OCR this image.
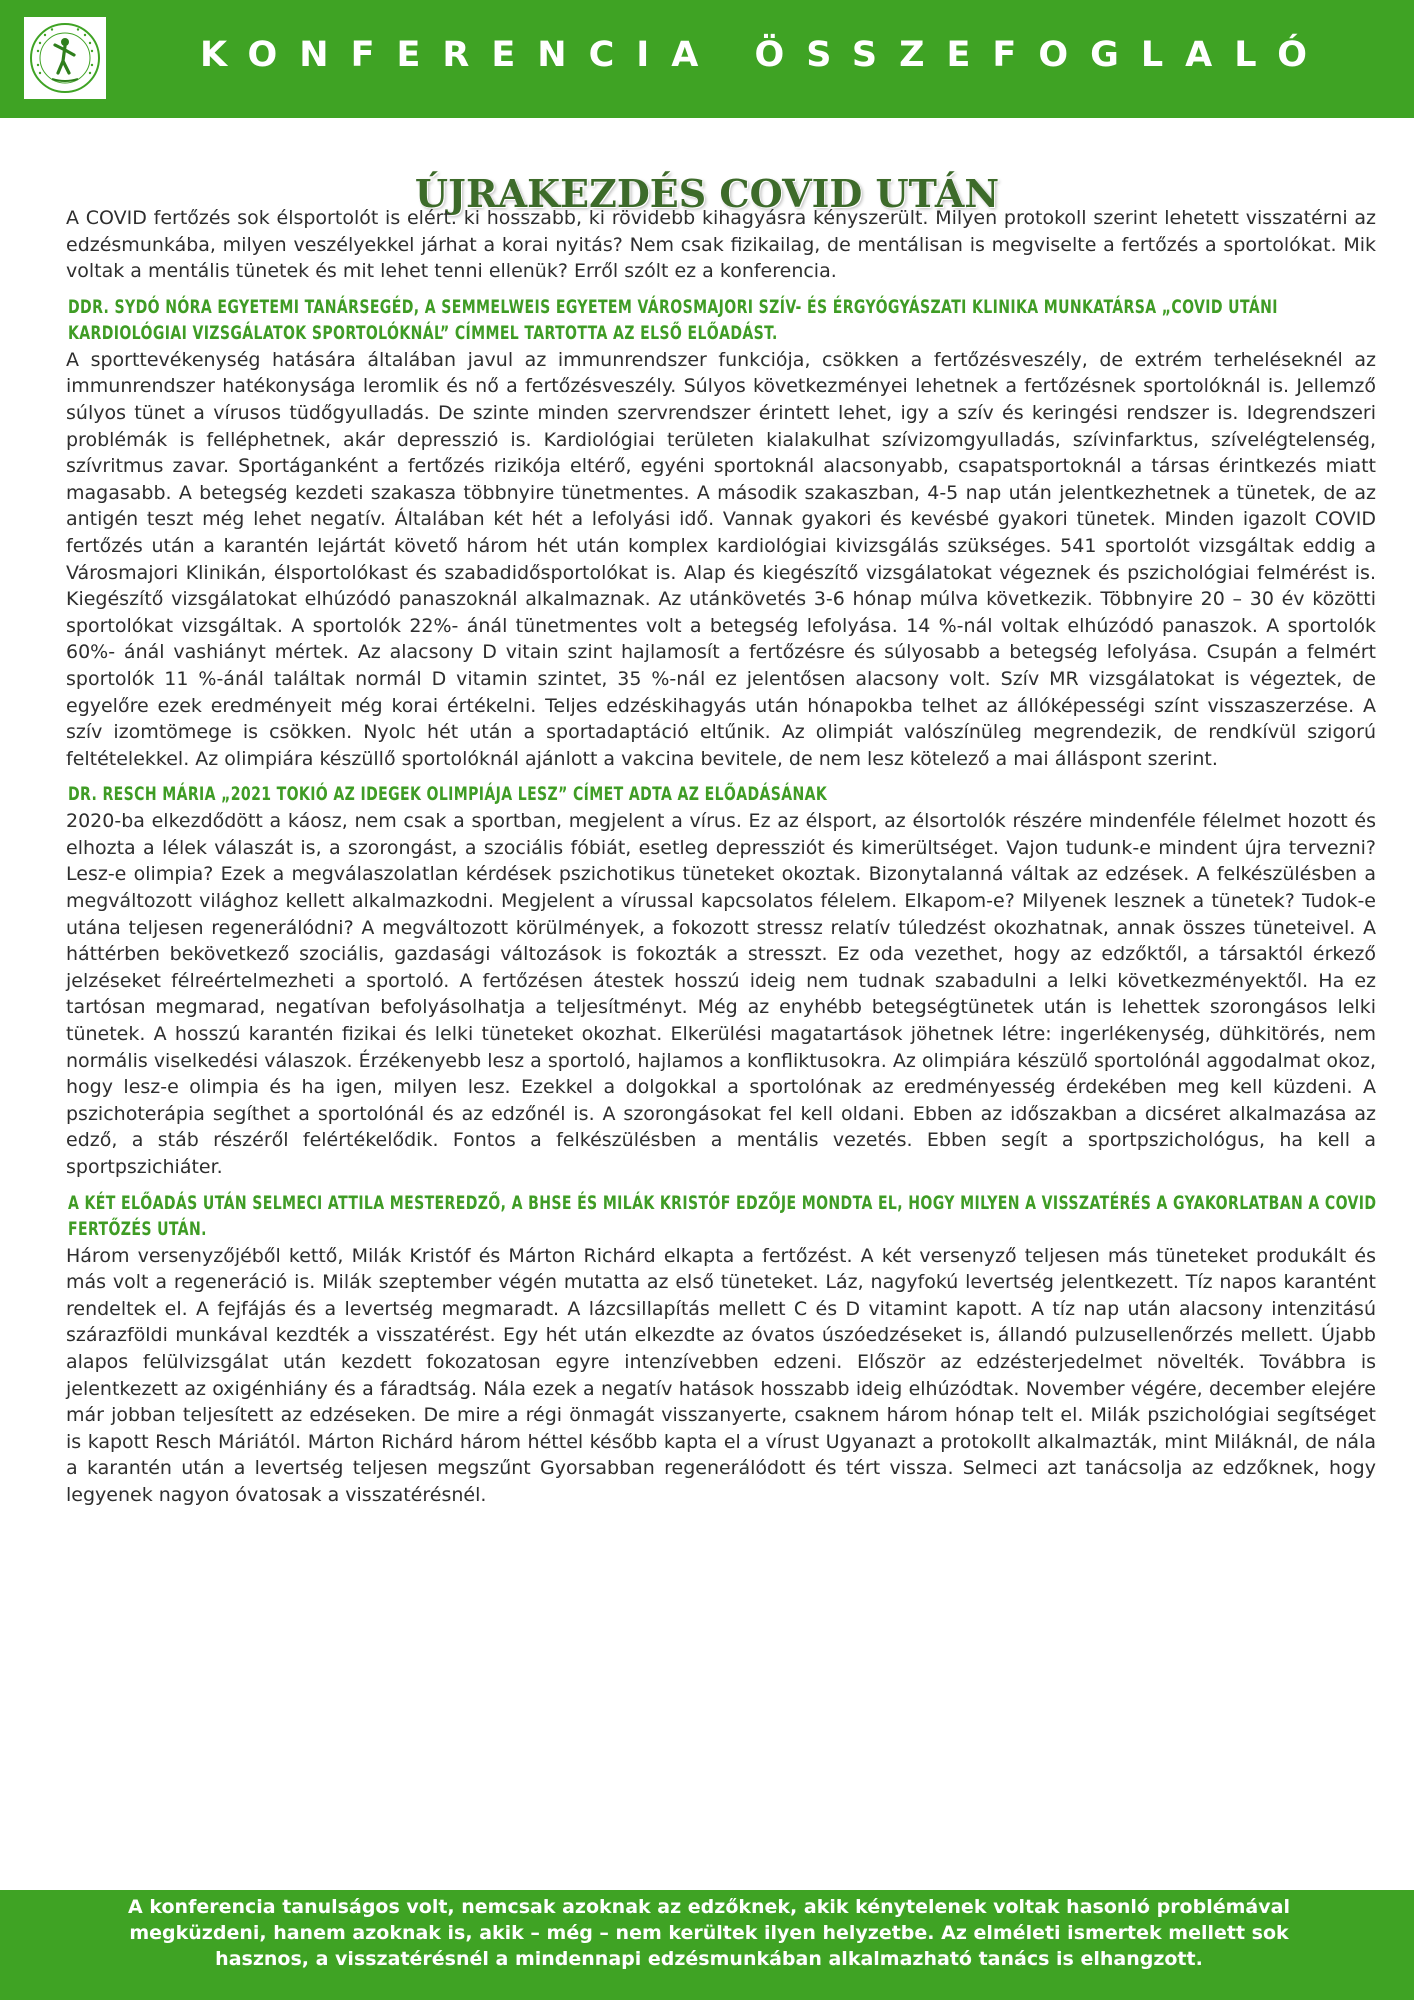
KONFERENCIA ÖSSZEFOGLALÓ
ÚJRAKEZDÉS COVID UTÁN

A COVID fertőzés sok élsportolót is elért. ki hosszabb, ki rövidebb kihagyásra kényszerült. Milyen protokoll szerint lehetett visszatérni az edzésmunkába, milyen veszélyekkel járhat a korai nyitás? Nem csak fizikailag, de mentálisan is megviselte a fertőzés a sportolókat. Mik voltak a mentális tünetek és mit lehet tenni ellenük? Erről szólt ez a konferencia.

DDR. SYDÓ NÓRA EGYETEMI TANÁRSEGÉD, A SEMMELWEIS EGYETEM VÁROSMAJORI SZÍV- ÉS ÉRGYÓGYÁSZATI KLINIKA MUNKATÁRSA „COVID UTÁNI KARDIOLÓGIAI VIZSGÁLATOK SPORTOLÓKNÁL” CÍMMEL TARTOTTA AZ ELSŐ ELŐADÁST.

A sporttevékenység hatására általában javul az immunrendszer funkciója, csökken a fertőzésveszély, de extrém terheléseknél az immunrendszer hatékonysága leromlik és nő a fertőzésveszély. Súlyos következményei lehetnek a fertőzésnek sportolóknál is. Jellemző súlyos tünet a vírusos tüdőgyulladás. De szinte minden szervrendszer érintett lehet, igy a szív és keringési rendszer is. Idegrendszeri problémák is felléphetnek, akár depresszió is. Kardiológiai területen kialakulhat szívizomgyulladás, szívinfarktus, szívelégtelenség, szívritmus zavar. Sportáganként a fertőzés rizikója eltérő, egyéni sportoknál alacsonyabb, csapatsportoknál a társas érintkezés miatt magasabb. A betegség kezdeti szakasza többnyire tünetmentes. A második szakaszban, 4-5 nap után jelentkezhetnek a tünetek, de az antigén teszt még lehet negatív. Általában két hét a lefolyási idő. Vannak gyakori és kevésbé gyakori tünetek. Minden igazolt COVID fertőzés után a karantén lejártát követő három hét után komplex kardiológiai kivizsgálás szükséges. 541 sportolót vizsgáltak eddig a Városmajori Klinikán, élsportolókast és szabadidősportolókat is. Alap és kiegészítő vizsgálatokat végeznek és pszichológiai felmérést is. Kiegészítő vizsgálatokat elhúzódó panaszoknál alkalmaznak. Az utánkövetés 3-6 hónap múlva következik. Többnyire 20 – 30 év közötti sportolókat vizsgáltak. A sportolók 22%- ánál tünetmentes volt a betegség lefolyása. 14 %-nál voltak elhúzódó panaszok. A sportolók 60%- ánál vashiányt mértek. Az alacsony D vitain szint hajlamosít a fertőzésre és súlyosabb a betegség lefolyása. Csupán a felmért sportolók 11 %-ánál találtak normál D vitamin szintet, 35 %-nál ez jelentősen alacsony volt. Szív MR vizsgálatokat is végeztek, de egyelőre ezek eredményeit még korai értékelni. Teljes edzéskihagyás után hónapokba telhet az állóképességi színt visszaszerzése. A szív izomtömege is csökken. Nyolc hét után a sportadaptáció eltűnik. Az olimpiát valószínüleg megrendezik, de rendkívül szigorú feltételekkel. Az olimpiára készüllő sportolóknál ajánlott a vakcina bevitele, de nem lesz kötelező a mai álláspont szerint.

DR. RESCH MÁRIA „2021 TOKIÓ AZ IDEGEK OLIMPIÁJA LESZ” CÍMET ADTA AZ ELŐADÁSÁNAK

2020-ba elkezdődött a káosz, nem csak a sportban, megjelent a vírus. Ez az élsport, az élsortolók részére mindenféle félelmet hozott és elhozta a lélek válaszát is, a szorongást, a szociális fóbiát, esetleg depressziót és kimerültséget. Vajon tudunk-e mindent újra tervezni? Lesz-e olimpia? Ezek a megválaszolatlan kérdések pszichotikus tüneteket okoztak. Bizonytalanná váltak az edzések. A felkészülésben a megváltozott világhoz kellett alkalmazkodni. Megjelent a vírussal kapcsolatos félelem. Elkapom-e? Milyenek lesznek a tünetek? Tudok-e utána teljesen regenerálódni? A megváltozott körülmények, a fokozott stressz relatív túledzést okozhatnak, annak összes tüneteivel. A háttérben bekövetkező szociális, gazdasági változások is fokozták a stresszt. Ez oda vezethet, hogy az edzőktől, a társaktól érkező jelzéseket félreértelmezheti a sportoló. A fertőzésen átestek hosszú ideig nem tudnak szabadulni a lelki következményektől. Ha ez tartósan megmarad, negatívan befolyásolhatja a teljesítményt. Még az enyhébb betegségtünetek után is lehettek szorongásos lelki tünetek. A hosszú karantén fizikai és lelki tüneteket okozhat. Elkerülési magatartások jöhetnek létre: ingerlékenység, dühkitörés, nem normális viselkedési válaszok. Érzékenyebb lesz a sportoló, hajlamos a konfliktusokra. Az olimpiára készülő sportolónál aggodalmat okoz, hogy lesz-e olimpia és ha igen, milyen lesz. Ezekkel a dolgokkal a sportolónak az eredményesség érdekében meg kell küzdeni. A pszichoterápia segíthet a sportolónál és az edzőnél is. A szorongásokat fel kell oldani. Ebben az időszakban a dicséret alkalmazása az edző, a stáb részéről felértékelődik. Fontos a felkészülésben a mentális vezetés. Ebben segít a sportpszichológus, ha kell a sportpszichiáter.

A KÉT ELŐADÁS UTÁN SELMECI ATTILA MESTEREDZŐ, A BHSE ÉS MILÁK KRISTÓF EDZŐJE MONDTA EL, HOGY MILYEN A VISSZATÉRÉS A GYAKORLATBAN A COVID FERTŐZÉS UTÁN.

Három versenyzőjéből kettő, Milák Kristóf és Márton Richárd elkapta a fertőzést. A két versenyző teljesen más tüneteket produkált és más volt a regeneráció is. Milák szeptember végén mutatta az első tüneteket. Láz, nagyfokú levertség jelentkezett. Tíz napos karantént rendeltek el. A fejfájás és a levertség megmaradt. A lázcsillapítás mellett C és D vitamint kapott. A tíz nap után alacsony intenzitású szárazföldi munkával kezdték a visszatérést. Egy hét után elkezdte az óvatos úszóedzéseket is, állandó pulzusellenőrzés mellett. Újabb alapos felülvizsgálat után kezdett fokozatosan egyre intenzívebben edzeni. Először az edzésterjedelmet növelték. Továbbra is jelentkezett az oxigénhiány és a fáradtság. Nála ezek a negatív hatások hosszabb ideig elhúzódtak. November végére, december elejére már jobban teljesített az edzéseken. De mire a régi önmagát visszanyerte, csaknem három hónap telt el. Milák pszichológiai segítséget is kapott Resch Máriától. Márton Richárd három héttel később kapta el a vírust Ugyanazt a protokollt alkalmazták, mint Miláknál, de nála a karantén után a levertség teljesen megszűnt Gyorsabban regenerálódott és tért vissza. Selmeci azt tanácsolja az edzőknek, hogy legyenek nagyon óvatosak a visszatérésnél.

A konferencia tanulságos volt, nemcsak azoknak az edzőknek, akik kénytelenek voltak hasonló problémával megküzdeni, hanem azoknak is, akik – még – nem kerültek ilyen helyzetbe. Az elméleti ismertek mellett sok hasznos, a visszatérésnél a mindennapi edzésmunkában alkalmazható tanács is elhangzott.
